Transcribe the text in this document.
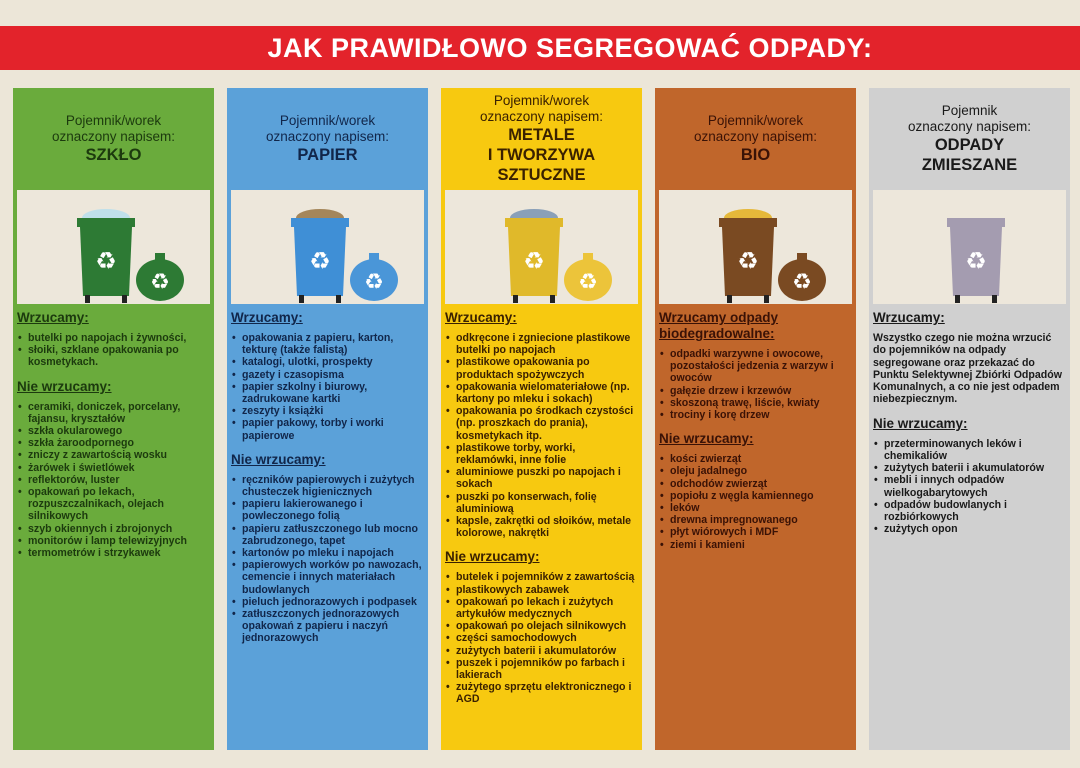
JAK PRAWIDŁOWO SEGREGOWAĆ ODPADY:
Pojemnik/worek
oznaczony napisem:
SZKŁO
♻
♻
Wrzucamy:
• butelki po napojach i żywności,
• słoiki, szklane opakowania po kosmetykach.
Nie wrzucamy:
• ceramiki, doniczek, porcelany, fajansu, kryształów
• szkła okularowego
• szkła żaroodpornego
• zniczy z zawartością wosku
• żarówek i świetlówek
• reflektorów, luster
• opakowań po lekach, rozpuszczalnikach, olejach silnikowych
• szyb okiennych i zbrojonych
• monitorów i lamp telewizyjnych
• termometrów i strzykawek
Pojemnik/worek
oznaczony napisem:
PAPIER
♻
♻
Wrzucamy:
• opakowania z papieru, karton, tekturę (także falistą)
• katalogi, ulotki, prospekty
• gazety i czasopisma
• papier szkolny i biurowy, zadrukowane kartki
• zeszyty i książki
• papier pakowy, torby i worki papierowe
Nie wrzucamy:
• ręczników papierowych i zużytych chusteczek higienicznych
• papieru lakierowanego i powleczonego folią
• papieru zatłuszczonego lub mocno zabrudzonego, tapet
• kartonów po mleku i napojach
• papierowych worków po nawozach, cemencie i innych materiałach budowlanych
• pieluch jednorazowych i podpasek
• zatłuszczonych jednorazowych opakowań z papieru i naczyń jednorazowych
Pojemnik/worek
oznaczony napisem:
METALE
I TWORZYWA
SZTUCZNE
♻
♻
Wrzucamy:
• odkręcone i zgniecione plastikowe butelki po napojach
• plastikowe opakowania po produktach spożywczych
• opakowania wielomateriałowe (np. kartony po mleku i sokach)
• opakowania po środkach czystości (np. proszkach do prania), kosmetykach itp.
• plastikowe torby, worki, reklamówki, inne folie
• aluminiowe puszki po napojach i sokach
• puszki po konserwach, folię aluminiową
• kapsle, zakrętki od słoików, metale kolorowe, nakrętki
Nie wrzucamy:
• butelek i pojemników z zawartością
• plastikowych zabawek
• opakowań po lekach i zużytych artykułów medycznych
• opakowań po olejach silnikowych
• części samochodowych
• zużytych baterii i akumulatorów
• puszek i pojemników po farbach i lakierach
• zużytego sprzętu elektronicznego i AGD
Pojemnik/worek
oznaczony napisem:
BIO
♻
♻
Wrzucamy odpady biodegradowalne:
• odpadki warzywne i owocowe, pozostałości jedzenia z warzyw i owoców
• gałęzie drzew i krzewów
• skoszoną trawę, liście, kwiaty
• trociny i korę drzew
Nie wrzucamy:
• kości zwierząt
• oleju jadalnego
• odchodów zwierząt
• popiołu z węgla kamiennego
• leków
• drewna impregnowanego
• płyt wiórowych i MDF
• ziemi i kamieni
Pojemnik
oznaczony napisem:
ODPADY
ZMIESZANE
♻
Wrzucamy:
Wszystko czego nie można wrzucić do pojemników na odpady segregowane oraz przekazać do Punktu Selektywnej Zbiórki Odpadów Komunalnych, a co nie jest odpadem niebezpiecznym.
Nie wrzucamy:
• przeterminowanych leków i chemikaliów
• zużytych baterii i akumulatorów
• mebli i innych odpadów wielkogabarytowych
• odpadów budowlanych i rozbiórkowych
• zużytych opon
